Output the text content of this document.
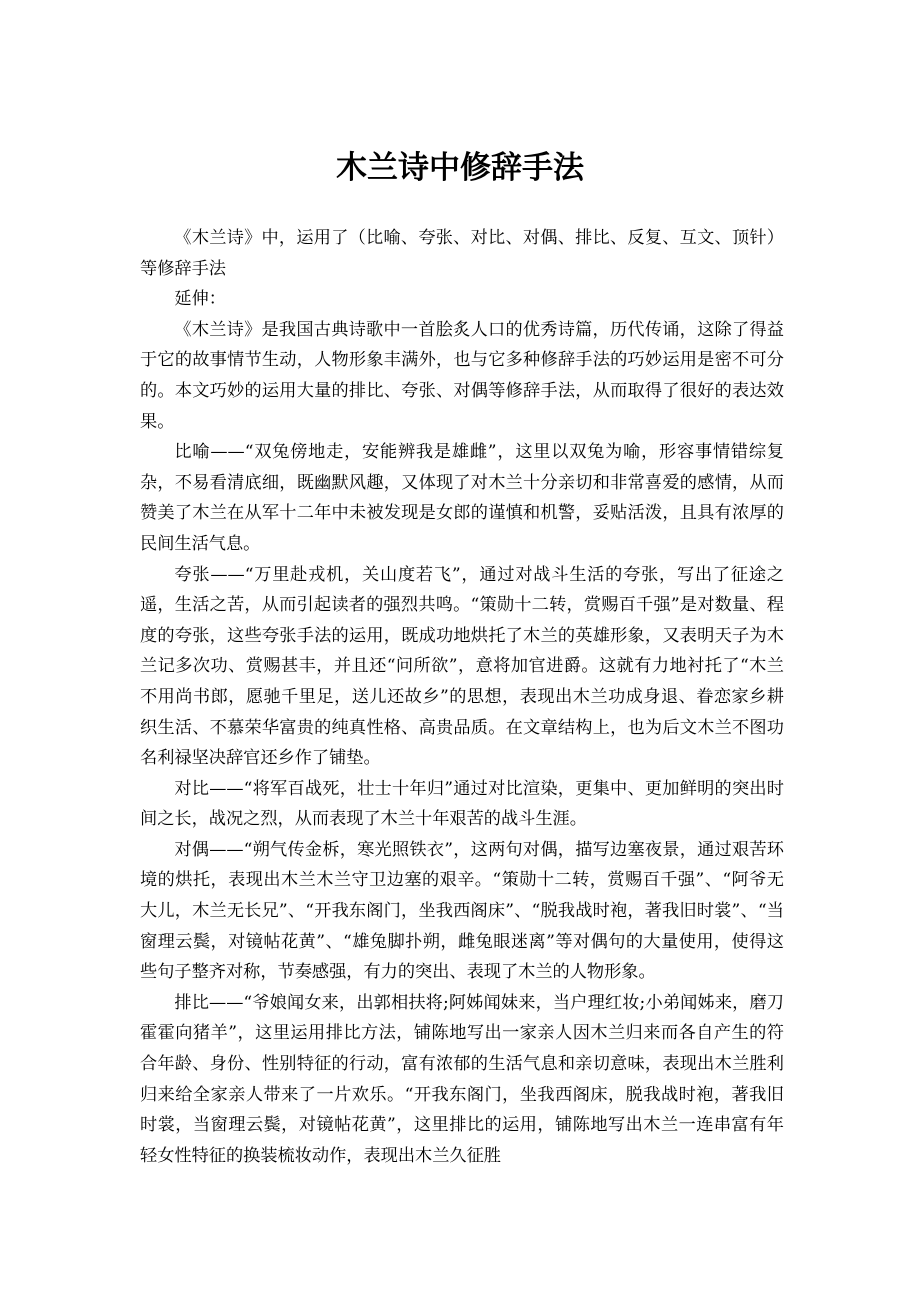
木兰诗中修辞手法

《木兰诗》中，运用了（比喻、夸张、对比、对偶、排比、反复、互文、顶针）等修辞手法

延伸：

《木兰诗》是我国古典诗歌中一首脍炙人口的优秀诗篇，历代传诵，这除了得益于它的故事情节生动，人物形象丰满外，也与它多种修辞手法的巧妙运用是密不可分的。本文巧妙的运用大量的排比、夸张、对偶等修辞手法，从而取得了很好的表达效果。

比喻——“双兔傍地走，安能辨我是雄雌”，这里以双兔为喻，形容事情错综复杂，不易看清底细，既幽默风趣，又体现了对木兰十分亲切和非常喜爱的感情，从而赞美了木兰在从军十二年中未被发现是女郎的谨慎和机警，妥贴活泼，且具有浓厚的民间生活气息。

夸张——“万里赴戎机，关山度若飞”，通过对战斗生活的夸张，写出了征途之遥，生活之苦，从而引起读者的强烈共鸣。“策勋十二转，赏赐百千强”是对数量、程度的夸张，这些夸张手法的运用，既成功地烘托了木兰的英雄形象，又表明天子为木兰记多次功、赏赐甚丰，并且还“问所欲”，意将加官进爵。这就有力地衬托了“木兰不用尚书郎，愿驰千里足，送儿还故乡”的思想，表现出木兰功成身退、眷恋家乡耕织生活、不慕荣华富贵的纯真性格、高贵品质。在文章结构上，也为后文木兰不图功名利禄坚决辞官还乡作了铺垫。

对比——“将军百战死，壮士十年归”通过对比渲染，更集中、更加鲜明的突出时间之长，战况之烈，从而表现了木兰十年艰苦的战斗生涯。

对偶——“朔气传金柝，寒光照铁衣”，这两句对偶，描写边塞夜景，通过艰苦环境的烘托，表现出木兰木兰守卫边塞的艰辛。“策勋十二转，赏赐百千强”、“阿爷无大儿，木兰无长兄”、“开我东阁门，坐我西阁床”、“脱我战时袍，著我旧时裳”、“当窗理云鬓，对镜帖花黄”、“雄兔脚扑朔，雌兔眼迷离”等对偶句的大量使用，使得这些句子整齐对称，节奏感强，有力的突出、表现了木兰的人物形象。

排比——“爷娘闻女来，出郭相扶将;阿姊闻妹来，当户理红妆;小弟闻姊来，磨刀霍霍向猪羊”，这里运用排比方法，铺陈地写出一家亲人因木兰归来而各自产生的符合年龄、身份、性别特征的行动，富有浓郁的生活气息和亲切意味，表现出木兰胜利归来给全家亲人带来了一片欢乐。“开我东阁门，坐我西阁床，脱我战时袍，著我旧时裳，当窗理云鬓，对镜帖花黄”，这里排比的运用，铺陈地写出木兰一连串富有年轻女性特征的换装梳妆动作，表现出木兰久征胜
